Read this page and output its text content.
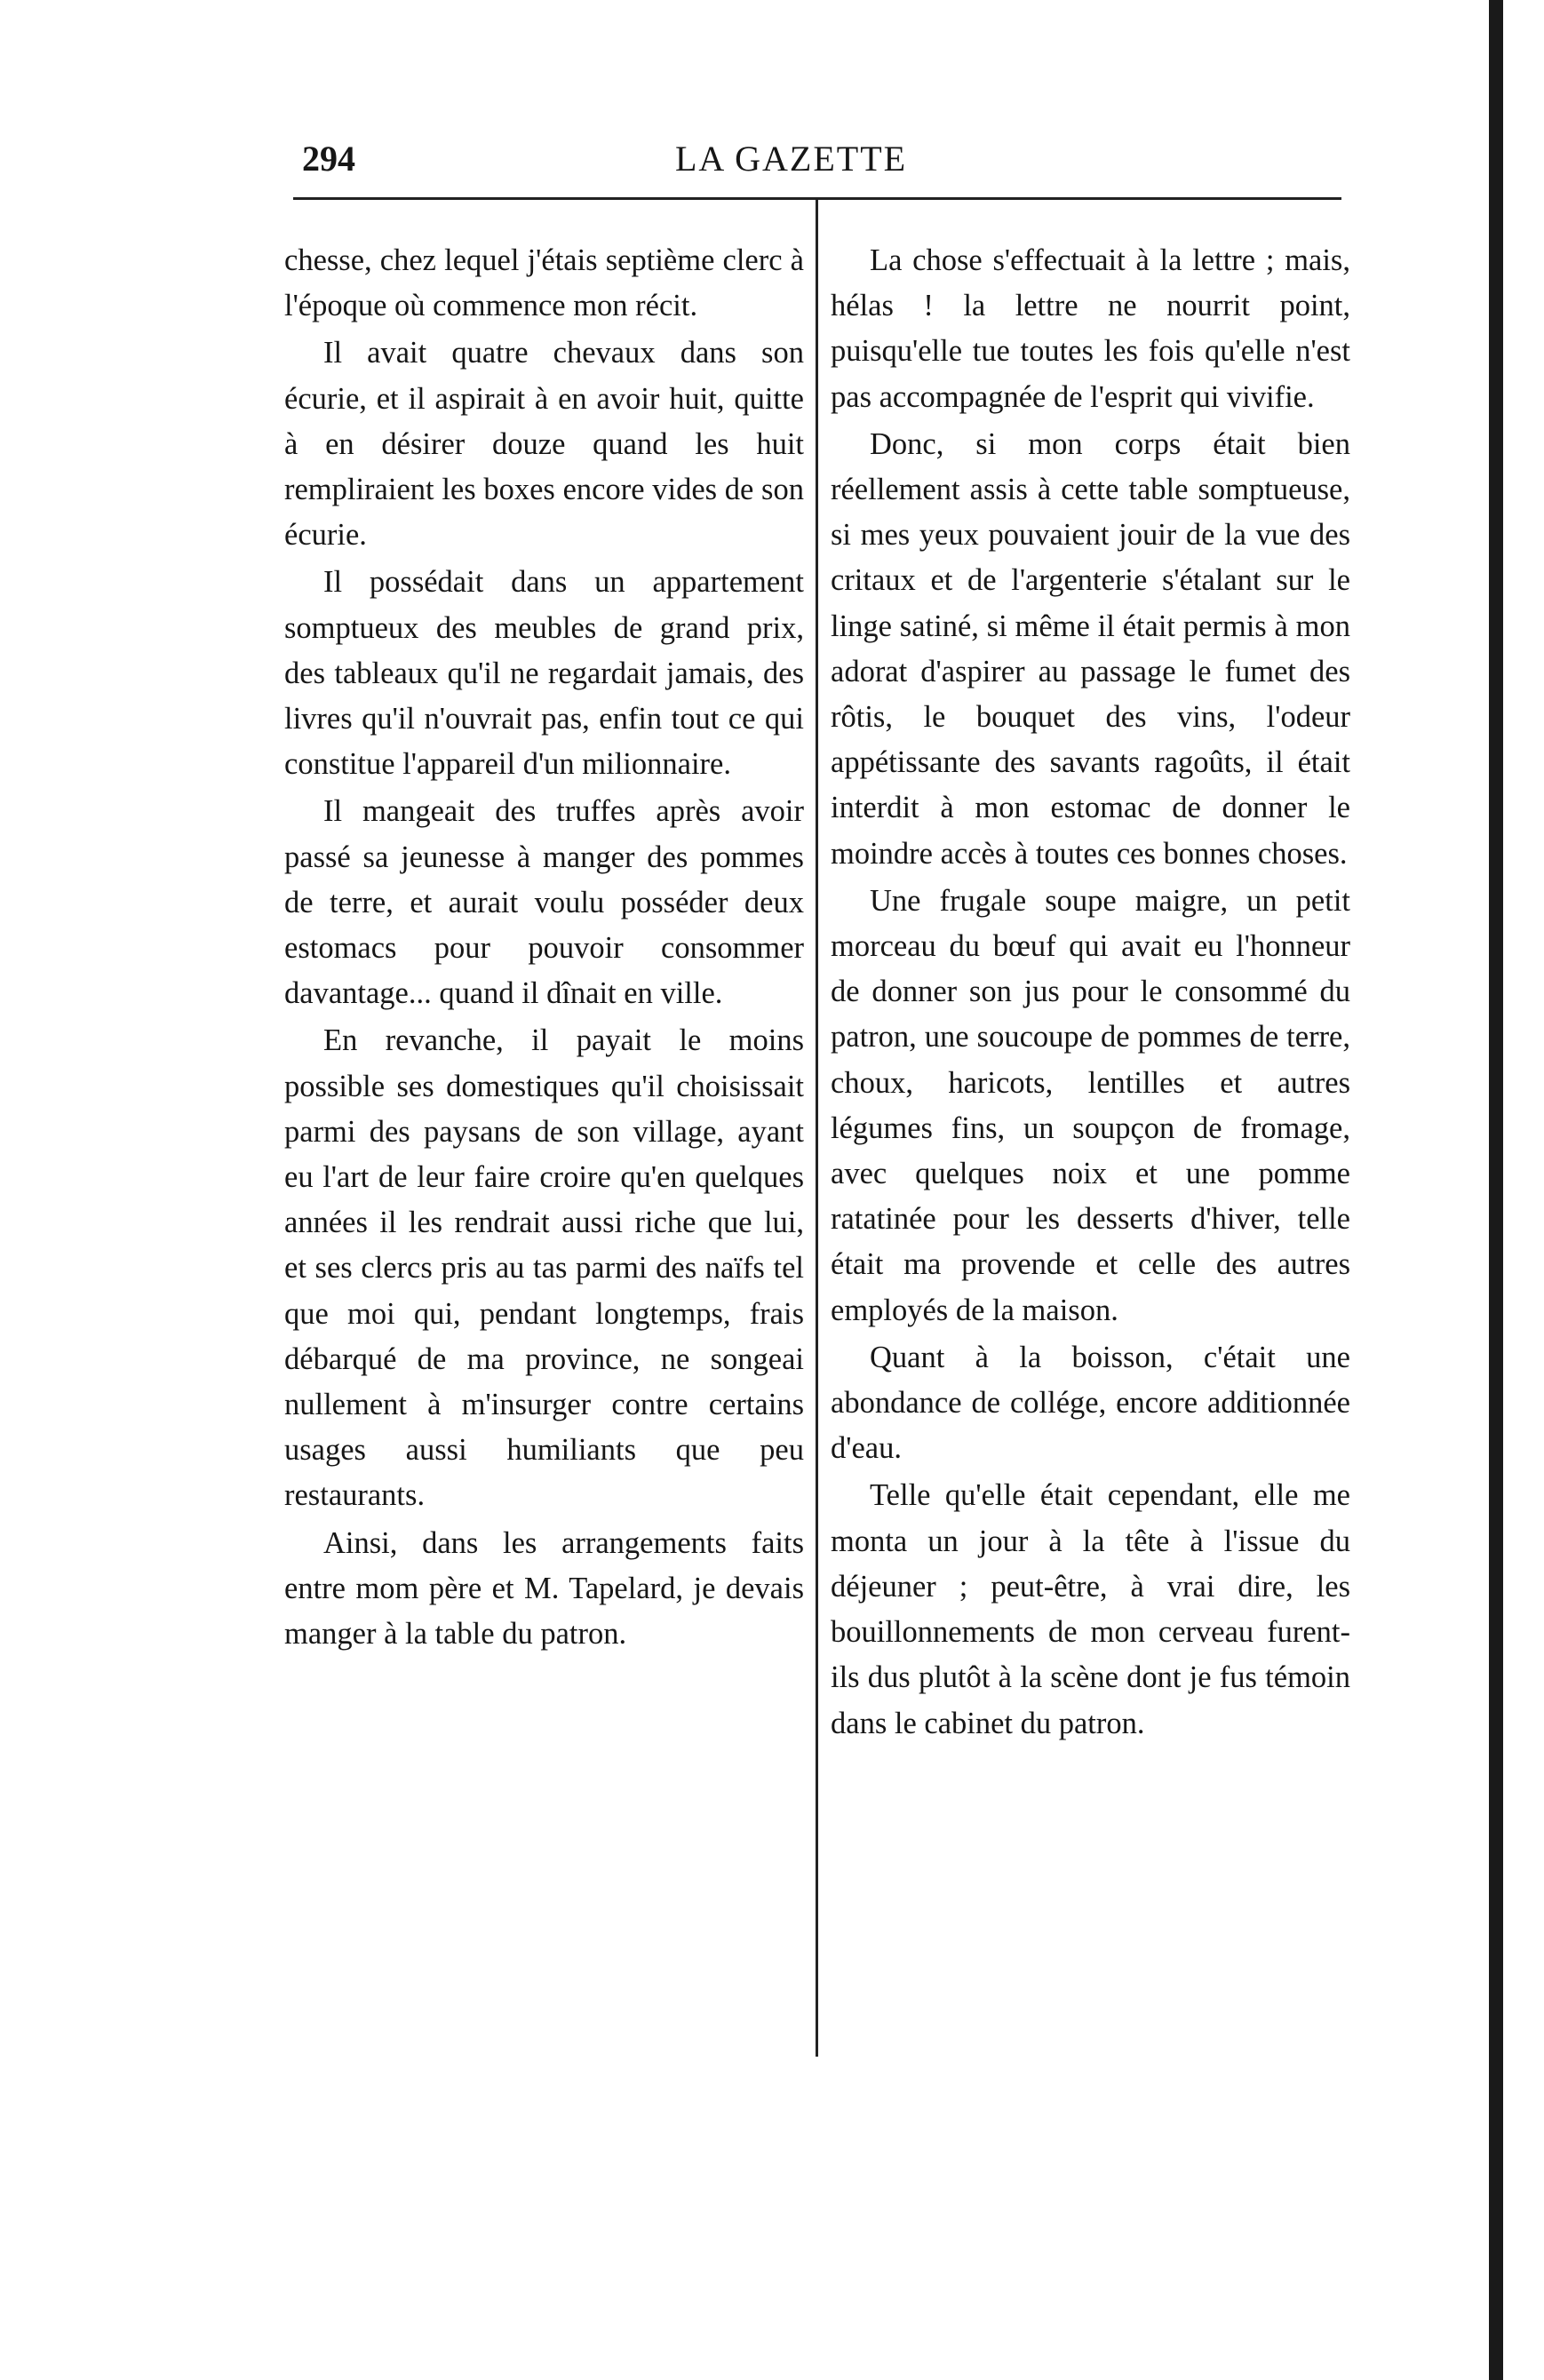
294	LA GAZETTE

chesse, chez lequel j'étais septième clerc à l'époque où commence mon récit.

Il avait quatre chevaux dans son écurie, et il aspirait à en avoir huit, quitte à en désirer douze quand les huit rempliraient les boxes encore vides de son écurie.

Il possédait dans un appartement somptueux des meubles de grand prix, des tableaux qu'il ne regardait jamais, des livres qu'il n'ouvrait pas, enfin tout ce qui constitue l'appareil d'un milionnaire.

Il mangeait des truffes après avoir passé sa jeunesse à manger des pommes de terre, et aurait voulu posséder deux estomacs pour pouvoir consommer davantage... quand il dînait en ville.

En revanche, il payait le moins possible ses domestiques qu'il choisissait parmi des paysans de son village, ayant eu l'art de leur faire croire qu'en quelques années il les rendrait aussi riche que lui, et ses clercs pris au tas parmi des naïfs tel que moi qui, pendant longtemps, frais débarqué de ma province, ne songeai nullement à m'insurger contre certains usages aussi humiliants que peu restaurants.

Ainsi, dans les arrangements faits entre mom père et M. Tapelard, je devais manger à la table du patron.

La chose s'effectuait à la lettre ; mais, hélas ! la lettre ne nourrit point, puisqu'elle tue toutes les fois qu'elle n'est pas accompagnée de l'esprit qui vivifie.

Donc, si mon corps était bien réellement assis à cette table somptueuse, si mes yeux pouvaient jouir de la vue des critaux et de l'argenterie s'étalant sur le linge satiné, si même il était permis à mon adorat d'aspirer au passage le fumet des rôtis, le bouquet des vins, l'odeur appétissante des savants ragoûts, il était interdit à mon estomac de donner le moindre accès à toutes ces bonnes choses.

Une frugale soupe maigre, un petit morceau du bœuf qui avait eu l'honneur de donner son jus pour le consommé du patron, une soucoupe de pommes de terre, choux, haricots, lentilles et autres légumes fins, un soupçon de fromage, avec quelques noix et une pomme ratatinée pour les desserts d'hiver, telle était ma provende et celle des autres employés de la maison.

Quant à la boisson, c'était une abondance de collége, encore additionnée d'eau.

Telle qu'elle était cependant, elle me monta un jour à la tête à l'issue du déjeuner ; peut-être, à vrai dire, les bouillonnements de mon cerveau furent-ils dus plutôt à la scène dont je fus témoin dans le cabinet du patron.
